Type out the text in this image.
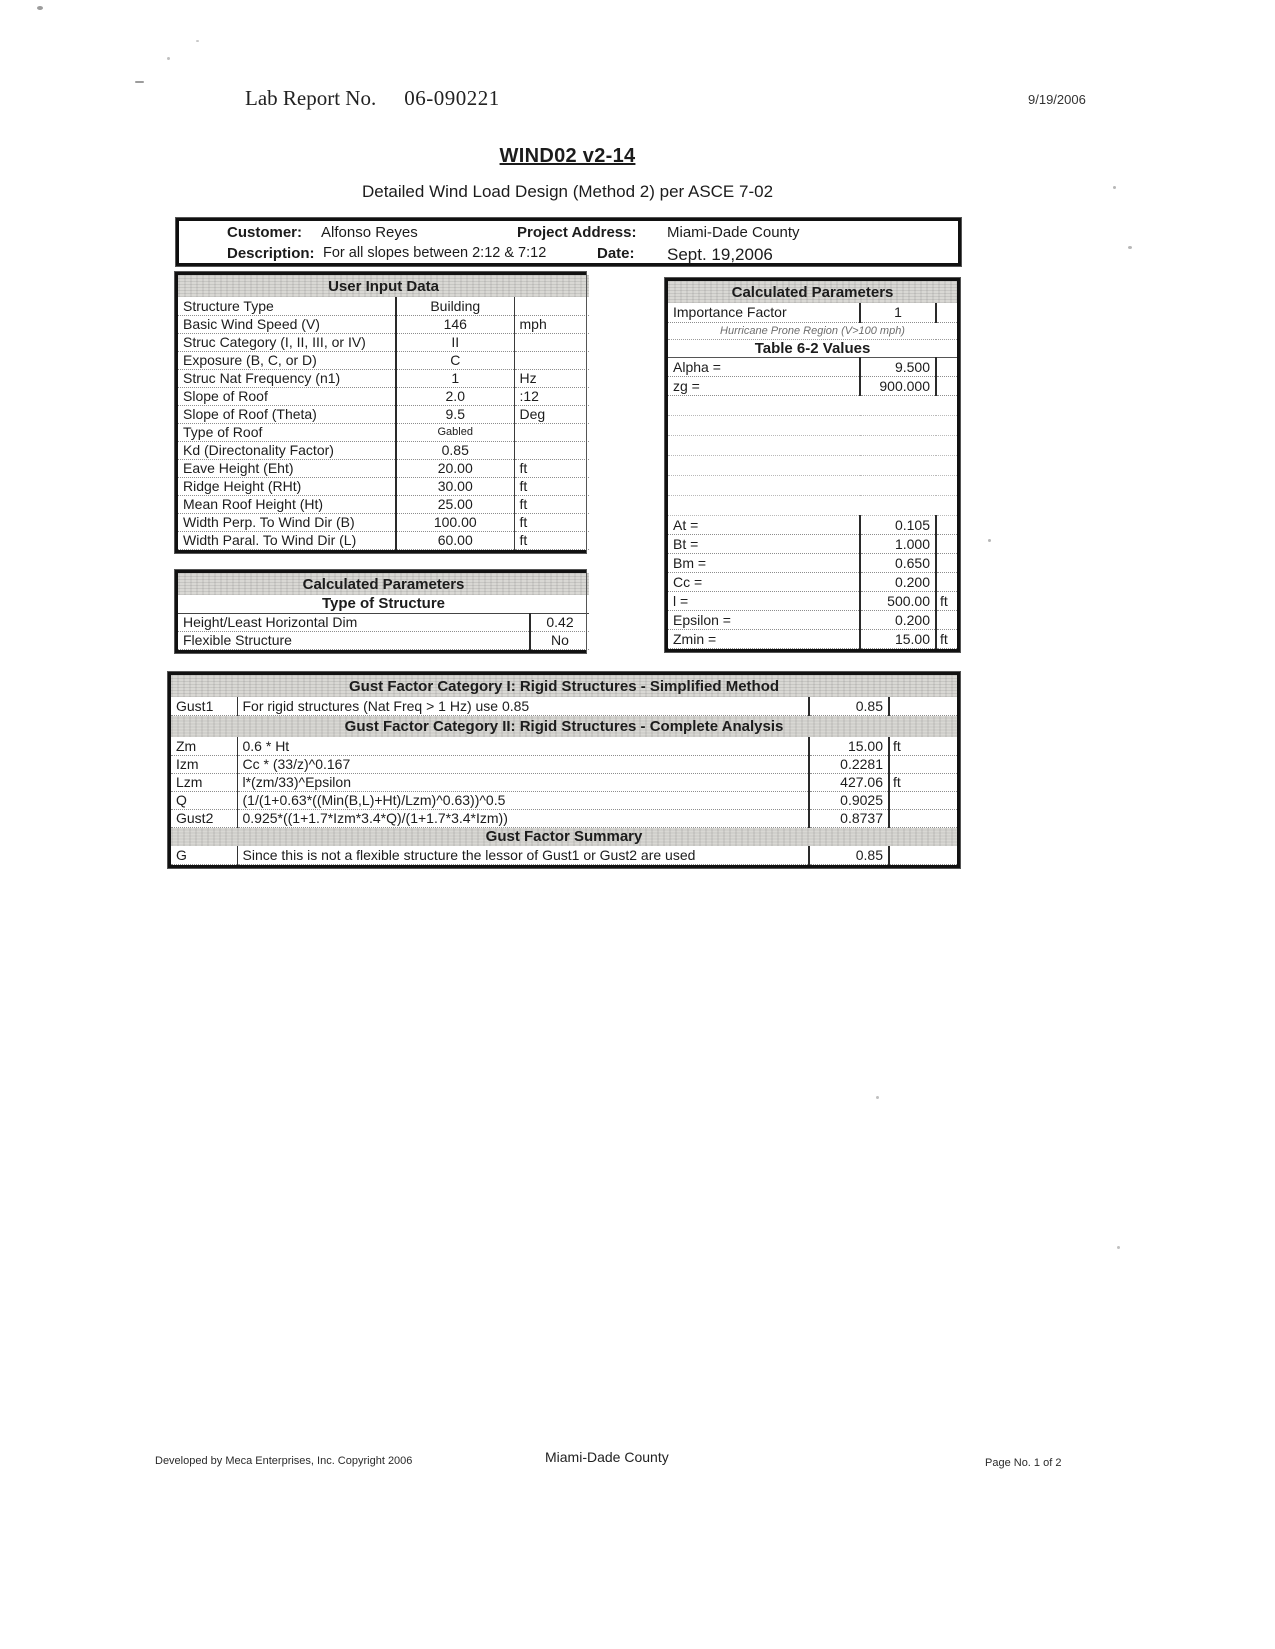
Lab Report No. 06-090221	9/19/2006
WIND02 v2-14
Detailed Wind Load Design (Method 2) per ASCE 7-02
Customer: Alfonso Reyes	Project Address: Miami-Dade County
Description: For all slopes between 2:12 & 7:12	Date: Sept. 19,2006
User Input Data		
Structure Type	Building	
Basic Wind Speed (V)	146	mph
Struc Category (I, II, III, or IV)	II	
Exposure (B, C, or D)	C	
Struc Nat Frequency (n1)	1	Hz
Slope of Roof	2.0	:12
Slope of Roof (Theta)	9.5	Deg
Type of Roof	Gabled	
Kd (Directonality Factor)	0.85	
Eave Height (Eht)	20.00	ft
Ridge Height (RHt)	30.00	ft
Mean Roof Height (Ht)	25.00	ft
Width Perp. To Wind Dir (B)	100.00	ft
Width Paral. To Wind Dir (L)	60.00	ft
Calculated Parameters	
Type of Structure	
Height/Least Horizontal Dim	0.42
Flexible Structure	No
Calculated Parameters		
Importance Factor	1	
Hurricane Prone Region (V>100 mph)		
Table 6-2 Values		
Alpha =	9.500	
zg =	900.000	

At =	0.105	
Bt =	1.000	
Bm =	0.650	
Cc =	0.200	
l =	500.00	ft
Epsilon =	0.200	
Zmin =	15.00	ft
Gust Factor Category I: Rigid Structures - Simplified Method			
Gust1	For rigid structures (Nat Freq > 1 Hz) use 0.85	0.85	
Gust Factor Category II: Rigid Structures - Complete Analysis			
Zm	0.6 * Ht	15.00	ft
Izm	Cc * (33/z)^0.167	0.2281	
Lzm	l*(zm/33)^Epsilon	427.06	ft
Q	(1/(1+0.63*((Min(B,L)+Ht)/Lzm)^0.63))^0.5	0.9025	
Gust2	0.925*((1+1.7*Izm*3.4*Q)/(1+1.7*3.4*Izm))	0.8737	
Gust Factor Summary			
G	Since this is not a flexible structure the lessor of Gust1 or Gust2 are used	0.85	
Developed by Meca Enterprises, Inc. Copyright 2006	Miami-Dade County	Page No. 1 of 2
